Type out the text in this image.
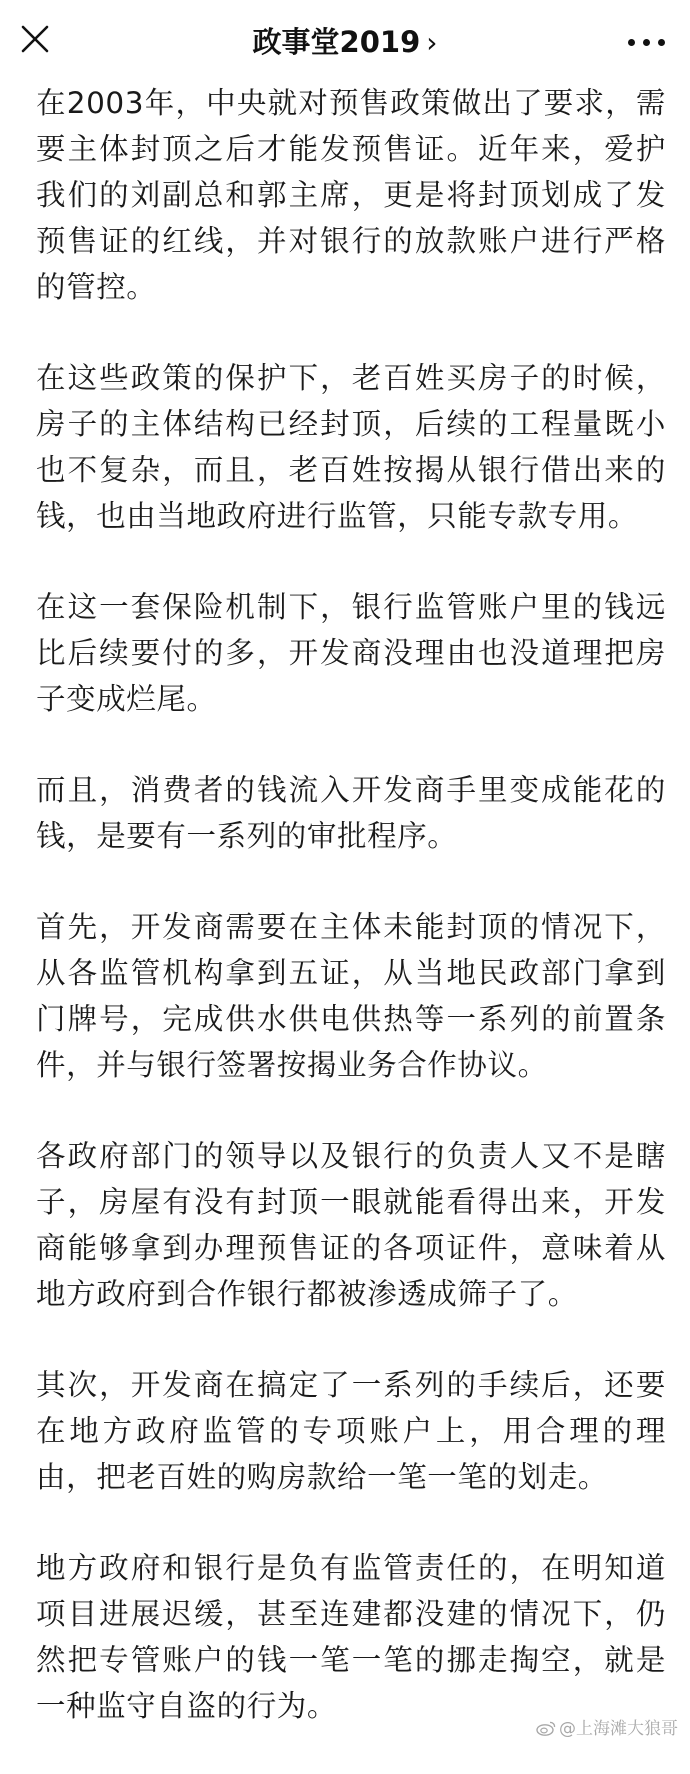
政事堂2019 ›

在2003年，中央就对预售政策做出了要求，需要主体封顶之后才能发预售证。近年来，爱护我们的刘副总和郭主席，更是将封顶划成了发预售证的红线，并对银行的放款账户进行严格的管控。

在这些政策的保护下，老百姓买房子的时候，房子的主体结构已经封顶，后续的工程量既小也不复杂，而且，老百姓按揭从银行借出来的钱，也由当地政府进行监管，只能专款专用。

在这一套保险机制下，银行监管账户里的钱远比后续要付的多，开发商没理由也没道理把房子变成烂尾。

而且，消费者的钱流入开发商手里变成能花的钱，是要有一系列的审批程序。

首先，开发商需要在主体未能封顶的情况下，从各监管机构拿到五证，从当地民政部门拿到门牌号，完成供水供电供热等一系列的前置条件，并与银行签署按揭业务合作协议。

各政府部门的领导以及银行的负责人又不是瞎子，房屋有没有封顶一眼就能看得出来，开发商能够拿到办理预售证的各项证件，意味着从地方政府到合作银行都被渗透成筛子了。

其次，开发商在搞定了一系列的手续后，还要在地方政府监管的专项账户上，用合理的理由，把老百姓的购房款给一笔一笔的划走。

地方政府和银行是负有监管责任的，在明知道项目进展迟缓，甚至连建都没建的情况下，仍然把专管账户的钱一笔一笔的挪走掏空，就是一种监守自盗的行为。

@上海滩大狼哥
